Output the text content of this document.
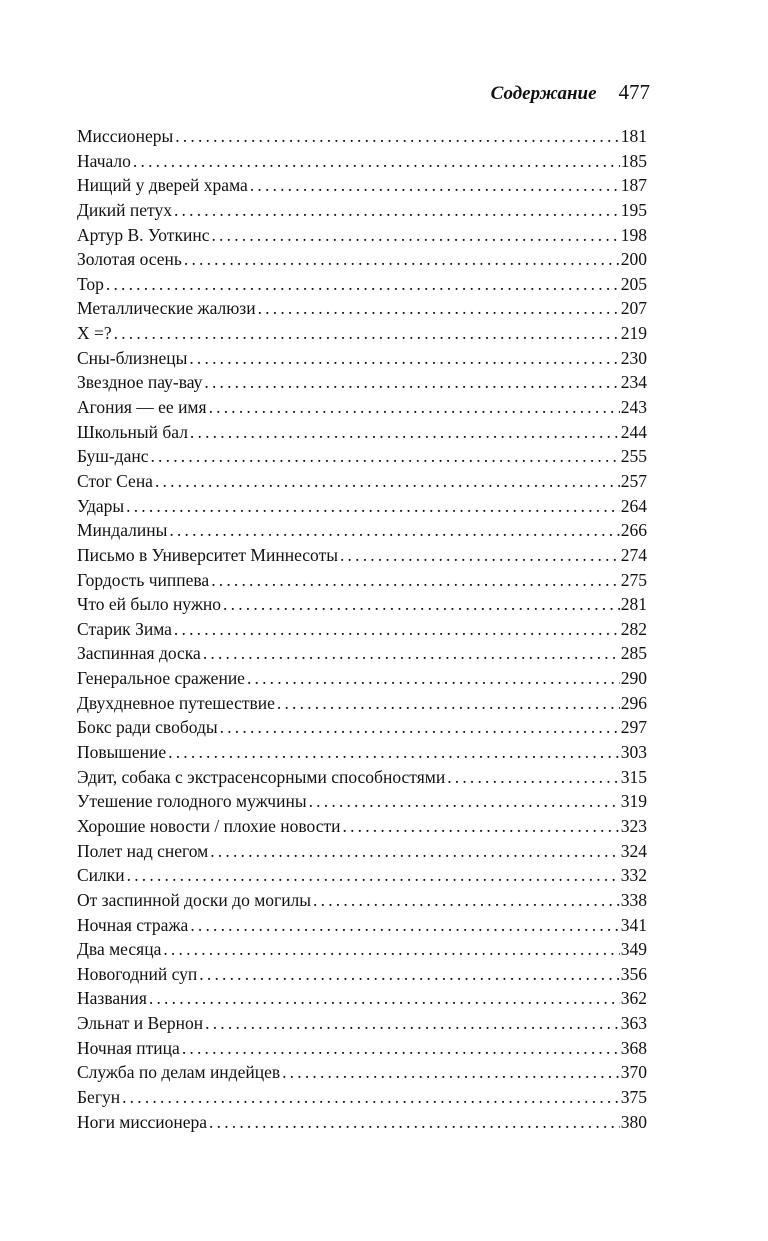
Содержание 477
Миссионеры .....	181
Начало .....	185
Нищий у дверей храма .....	187
Дикий петух .....	195
Артур В. Уоткинс .....	198
Золотая осень .....	200
Тор .....	205
Металлические жалюзи .....	207
X =? .....	219
Сны-близнецы .....	230
Звездное пау-вау .....	234
Агония — ее имя .....	243
Школьный бал .....	244
Буш-данс .....	255
Стог Сена .....	257
Удары .....	264
Миндалины .....	266
Письмо в Университет Миннесоты .....	274
Гордость чиппева .....	275
Что ей было нужно .....	281
Старик Зима .....	282
Заспинная доска .....	285
Генеральное сражение .....	290
Двухдневное путешествие .....	296
Бокс ради свободы .....	297
Повышение .....	303
Эдит, собака с экстрасенсорными способностями .....	315
Утешение голодного мужчины .....	319
Хорошие новости / плохие новости .....	323
Полет над снегом .....	324
Силки .....	332
От заспинной доски до могилы .....	338
Ночная стража .....	341
Два месяца .....	349
Новогодний суп .....	356
Названия .....	362
Эльнат и Вернон .....	363
Ночная птица .....	368
Служба по делам индейцев .....	370
Бегун .....	375
Ноги миссионера .....	380
